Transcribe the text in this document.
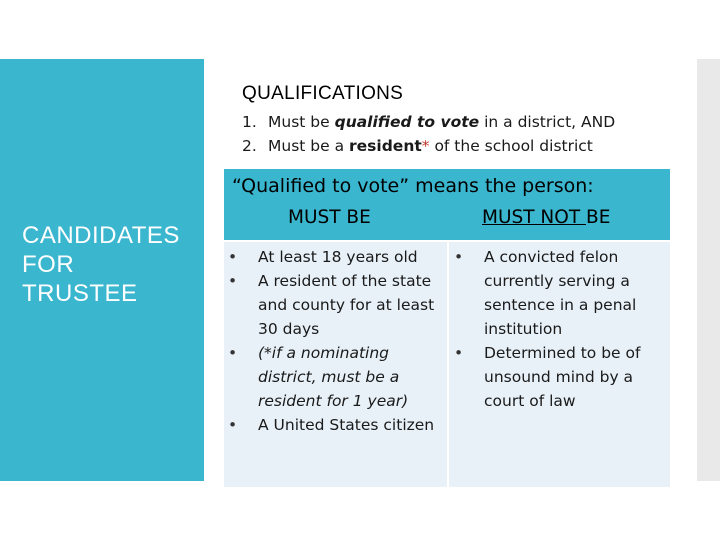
CANDIDATES
FOR
TRUSTEE
QUALIFICATIONS
1. Must be qualified to vote in a district, AND
2. Must be a resident* of the school district
“Qualified to vote” means the person:
MUST BE	MUST NOT BE
• At least 18 years old
• A resident of the state and county for at least 30 days
• (*if a nominating district, must be a resident for 1 year)
• A United States citizen
• A convicted felon currently serving a sentence in a penal institution
• Determined to be of unsound mind by a court of law
